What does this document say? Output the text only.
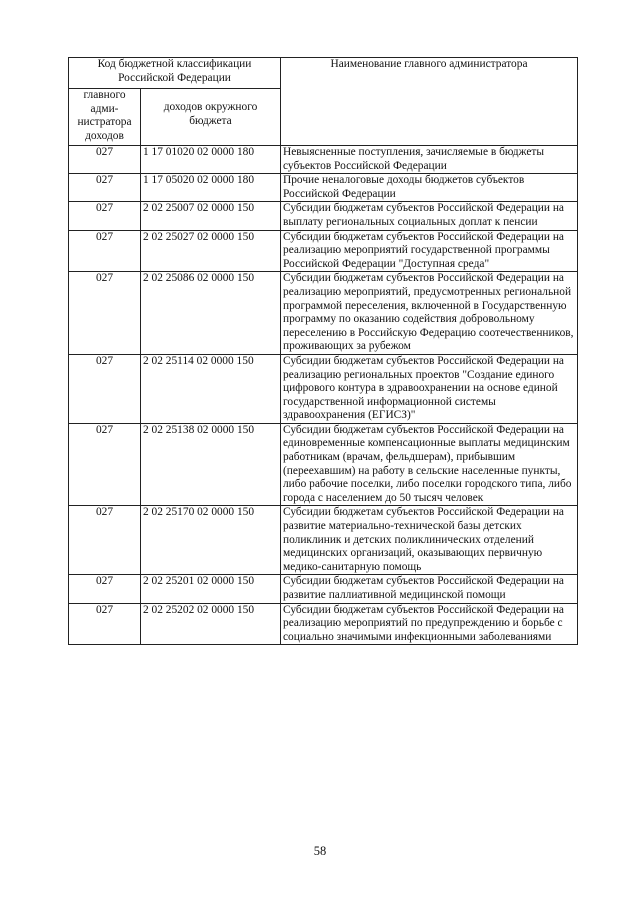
Код бюджетной классификации Российской Федерации		Наименование главного администратора
главного адми-нистратора доходов	доходов окружного бюджета	
027	1 17 01020 02 0000 180	Невыясненные поступления, зачисляемые в бюджеты субъектов Российской Федерации
027	1 17 05020 02 0000 180	Прочие неналоговые доходы бюджетов субъектов Российской Федерации
027	2 02 25007 02 0000 150	Субсидии бюджетам субъектов Российской Федерации на выплату региональных социальных доплат к пенсии
027	2 02 25027 02 0000 150	Субсидии бюджетам субъектов Российской Федерации на реализацию мероприятий государственной программы Российской Федерации "Доступная среда"
027	2 02 25086 02 0000 150	Субсидии бюджетам субъектов Российской Федерации на реализацию мероприятий, предусмотренных региональной программой переселения, включенной в Государственную программу по оказанию содействия добровольному переселению в Российскую Федерацию соотечественников, проживающих за рубежом
027	2 02 25114 02 0000 150	Субсидии бюджетам субъектов Российской Федерации на реализацию региональных проектов "Создание единого цифрового контура в здравоохранении на основе единой государственной информационной системы здравоохранения (ЕГИСЗ)"
027	2 02 25138 02 0000 150	Субсидии бюджетам субъектов Российской Федерации на единовременные компенсационные выплаты медицинским работникам (врачам, фельдшерам), прибывшим (переехавшим) на работу в сельские населенные пункты, либо рабочие поселки, либо поселки городского типа, либо города с населением до 50 тысяч человек
027	2 02 25170 02 0000 150	Субсидии бюджетам субъектов Российской Федерации на развитие материально-технической базы детских поликлиник и детских поликлинических отделений медицинских организаций, оказывающих первичную медико-санитарную помощь
027	2 02 25201 02 0000 150	Субсидии бюджетам субъектов Российской Федерации на развитие паллиативной медицинской помощи
027	2 02 25202 02 0000 150	Субсидии бюджетам субъектов Российской Федерации на реализацию мероприятий по предупреждению и борьбе с социально значимыми инфекционными заболеваниями
58
